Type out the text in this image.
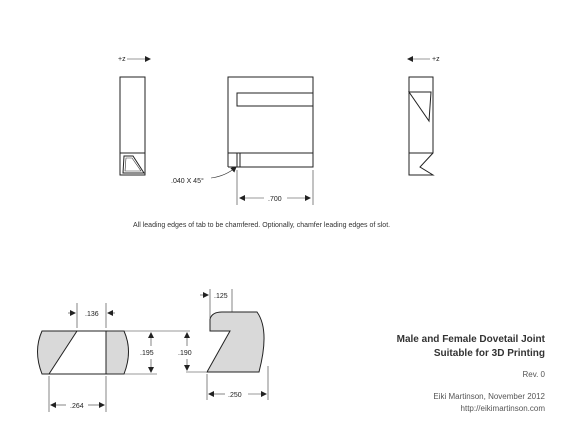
+z
.040 X 45°
.700
+z
All leading edges of tab to be chamfered. Optionally, chamfer leading edges of slot.
.136
.264
.195
.125
.190
.250
Male and Female Dovetail Joint
Suitable for 3D Printing
Rev. 0
Eiki Martinson, November 2012
http://eikimartinson.com
